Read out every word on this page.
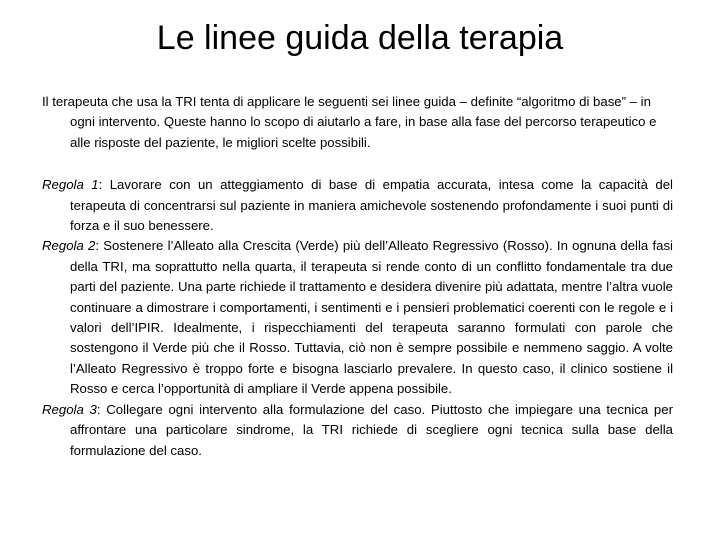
Le linee guida della terapia

Il terapeuta che usa la TRI tenta di applicare le seguenti sei linee guida – definite “algoritmo di base” – in ogni intervento. Queste hanno lo scopo di aiutarlo a fare, in base alla fase del percorso terapeutico e alle risposte del paziente, le migliori scelte possibili.

Regola 1: Lavorare con un atteggiamento di base di empatia accurata, intesa come la capacità del terapeuta di concentrarsi sul paziente in maniera amichevole sostenendo profondamente i suoi punti di forza e il suo benessere.

Regola 2: Sostenere l’Alleato alla Crescita (Verde) più dell’Alleato Regressivo (Rosso). In ognuna della fasi della TRI, ma soprattutto nella quarta, il terapeuta si rende conto di un conflitto fondamentale tra due parti del paziente. Una parte richiede il trattamento e desidera divenire più adattata, mentre l’altra vuole continuare a dimostrare i comportamenti, i sentimenti e i pensieri problematici coerenti con le regole e i valori dell’IPIR. Idealmente, i rispecchiamenti del terapeuta saranno formulati con parole che sostengono il Verde più che il Rosso. Tuttavia, ciò non è sempre possibile e nemmeno saggio. A volte l’Alleato Regressivo è troppo forte e bisogna lasciarlo prevalere. In questo caso, il clinico sostiene il Rosso e cerca l’opportunità di ampliare il Verde appena possibile.

Regola 3: Collegare ogni intervento alla formulazione del caso. Piuttosto che impiegare una tecnica per affrontare una particolare sindrome, la TRI richiede di scegliere ogni tecnica sulla base della formulazione del caso.
